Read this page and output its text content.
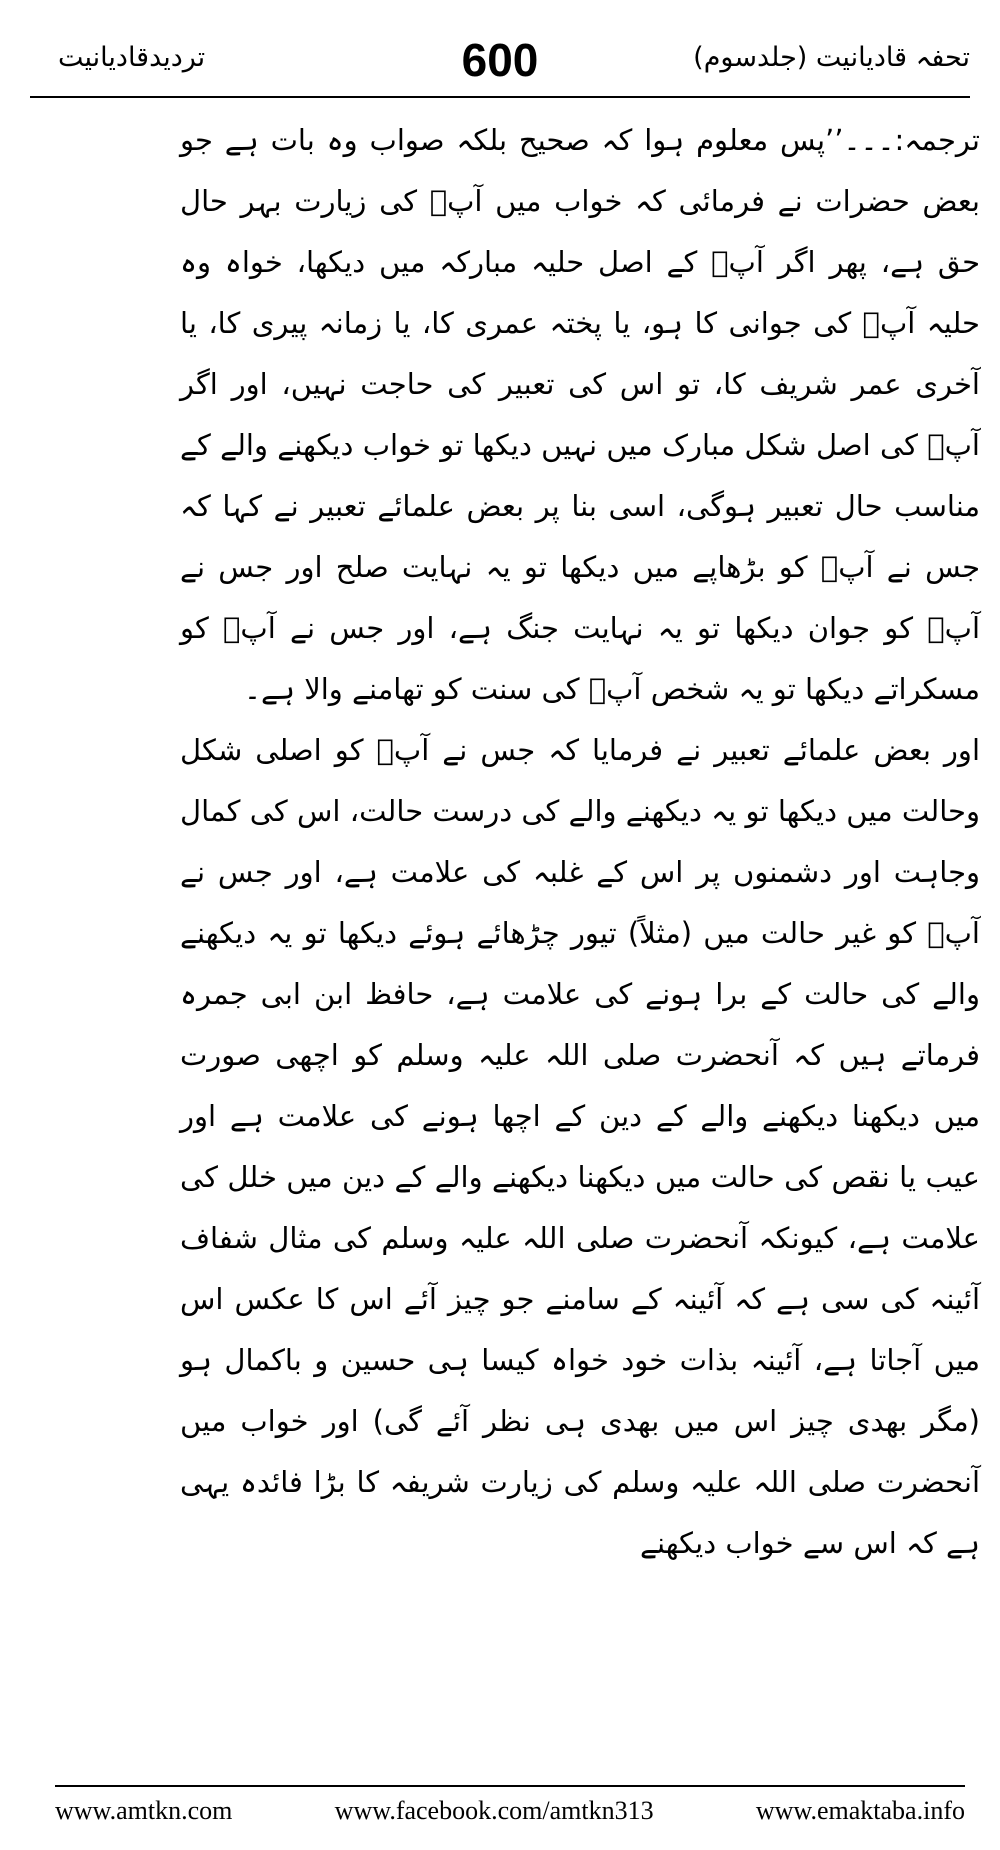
تردیدقادیانیت	600	تحفہ قادیانیت (جلدسوم)

ترجمہ:۔۔۔’’پس معلوم ہوا کہ صحیح بلکہ صواب وہ بات ہے جو بعض حضرات نے فرمائی کہ خواب میں آپؐ کی زیارت بہر حال حق ہے، پھر اگر آپؐ کے اصل حلیہ مبارکہ میں دیکھا، خواہ وہ حلیہ آپؐ کی جوانی کا ہو، یا پختہ عمری کا، یا زمانہ پیری کا، یا آخری عمر شریف کا، تو اس کی تعبیر کی حاجت نہیں، اور اگر آپؐ کی اصل شکل مبارک میں نہیں دیکھا تو خواب دیکھنے والے کے مناسب حال تعبیر ہوگی، اسی بنا پر بعض علمائے تعبیر نے کہا کہ جس نے آپؐ کو بڑھاپے میں دیکھا تو یہ نہایت صلح اور جس نے آپؐ کو جوان دیکھا تو یہ نہایت جنگ ہے، اور جس نے آپؐ کو مسکراتے دیکھا تو یہ شخص آپؐ کی سنت کو تھامنے والا ہے۔

اور بعض علمائے تعبیر نے فرمایا کہ جس نے آپؐ کو اصلی شکل وحالت میں دیکھا تو یہ دیکھنے والے کی درست حالت، اس کی کمال وجاہت اور دشمنوں پر اس کے غلبہ کی علامت ہے، اور جس نے آپؐ کو غیر حالت میں (مثلاً) تیور چڑھائے ہوئے دیکھا تو یہ دیکھنے والے کی حالت کے برا ہونے کی علامت ہے، حافظ ابن ابی جمرہ فرماتے ہیں کہ آنحضرت صلی اللہ علیہ وسلم کو اچھی صورت میں دیکھنا دیکھنے والے کے دین کے اچھا ہونے کی علامت ہے اور عیب یا نقص کی حالت میں دیکھنا دیکھنے والے کے دین میں خلل کی علامت ہے، کیونکہ آنحضرت صلی اللہ علیہ وسلم کی مثال شفاف آئینہ کی سی ہے کہ آئینہ کے سامنے جو چیز آئے اس کا عکس اس میں آجاتا ہے، آئینہ بذات خود خواہ کیسا ہی حسین و باکمال ہو (مگر بھدی چیز اس میں بھدی ہی نظر آئے گی) اور خواب میں آنحضرت صلی اللہ علیہ وسلم کی زیارت شریفہ کا بڑا فائدہ یہی ہے کہ اس سے خواب دیکھنے

www.amtkn.com	www.facebook.com/amtkn313	www.emaktaba.info
